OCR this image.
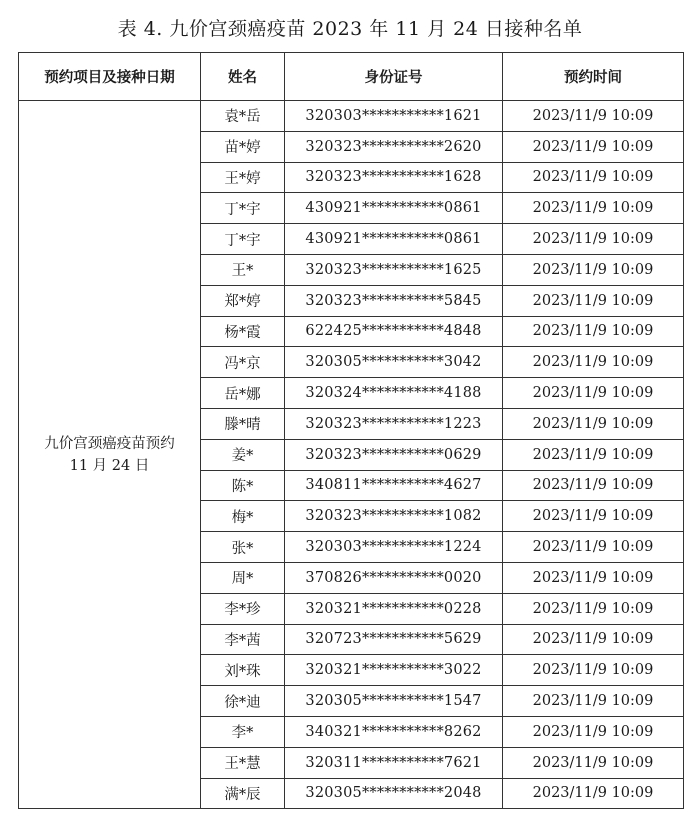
表 4. 九价宫颈癌疫苗 2023 年 11 月 24 日接种名单
预约项目及接种日期	姓名	身份证号	预约时间

九价宫颈癌疫苗预约
11 月 24 日	袁*岳	320303***********1621	2023/11/9 10:09
	苗*婷	320323***********2620	2023/11/9 10:09
	王*婷	320323***********1628	2023/11/9 10:09
	丁*宇	430921***********0861	2023/11/9 10:09
	丁*宇	430921***********0861	2023/11/9 10:09
	王*	320323***********1625	2023/11/9 10:09
	郑*婷	320323***********5845	2023/11/9 10:09
	杨*霞	622425***********4848	2023/11/9 10:09
	冯*京	320305***********3042	2023/11/9 10:09
	岳*娜	320324***********4188	2023/11/9 10:09
	滕*晴	320323***********1223	2023/11/9 10:09
	姜*	320323***********0629	2023/11/9 10:09
	陈*	340811***********4627	2023/11/9 10:09
	梅*	320323***********1082	2023/11/9 10:09
	张*	320303***********1224	2023/11/9 10:09
	周*	370826***********0020	2023/11/9 10:09
	李*珍	320321***********0228	2023/11/9 10:09
	李*茜	320723***********5629	2023/11/9 10:09
	刘*珠	320321***********3022	2023/11/9 10:09
	徐*迪	320305***********1547	2023/11/9 10:09
	李*	340321***********8262	2023/11/9 10:09
	王*慧	320311***********7621	2023/11/9 10:09
	满*辰	320305***********2048	2023/11/9 10:09
